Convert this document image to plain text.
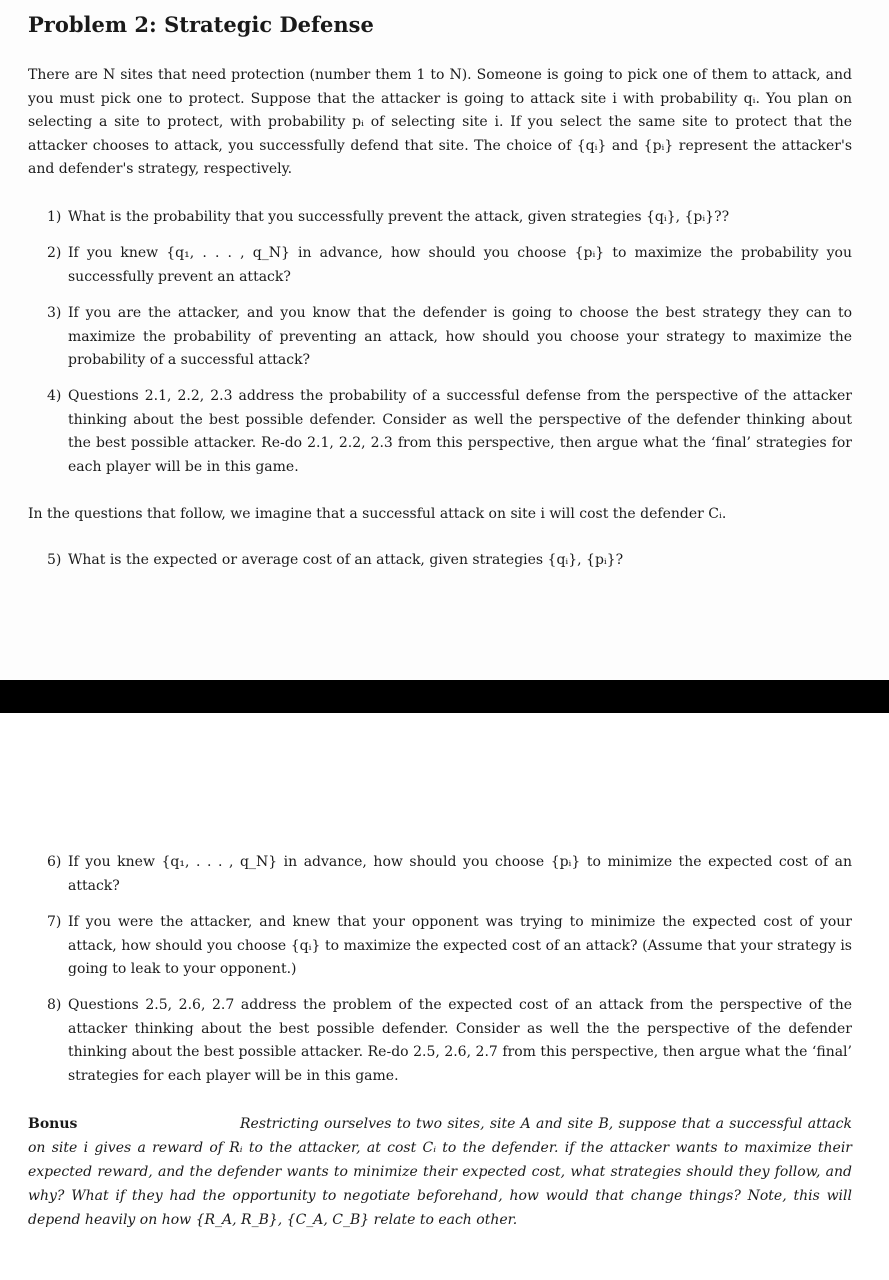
Problem 2: Strategic Defense

There are N sites that need protection (number them 1 to N). Someone is going to pick one of them to attack, and you must pick one to protect. Suppose that the attacker is going to attack site i with probability qᵢ. You plan on selecting a site to protect, with probability pᵢ of selecting site i. If you select the same site to protect that the attacker chooses to attack, you successfully defend that site. The choice of {qᵢ} and {pᵢ} represent the attacker's and defender's strategy, respectively.

1) What is the probability that you successfully prevent the attack, given strategies {qᵢ}, {pᵢ}??
2) If you knew {q₁, . . . , q_N} in advance, how should you choose {pᵢ} to maximize the probability you successfully prevent an attack?
3) If you are the attacker, and you know that the defender is going to choose the best strategy they can to maximize the probability of preventing an attack, how should you choose your strategy to maximize the probability of a successful attack?
4) Questions 2.1, 2.2, 2.3 address the probability of a successful defense from the perspective of the attacker thinking about the best possible defender. Consider as well the perspective of the defender thinking about the best possible attacker. Re-do 2.1, 2.2, 2.3 from this perspective, then argue what the ‘final’ strategies for each player will be in this game.

In the questions that follow, we imagine that a successful attack on site i will cost the defender Cᵢ.

5) What is the expected or average cost of an attack, given strategies {qᵢ}, {pᵢ}?
6) If you knew {q₁, . . . , q_N} in advance, how should you choose {pᵢ} to minimize the expected cost of an attack?
7) If you were the attacker, and knew that your opponent was trying to minimize the expected cost of your attack, how should you choose {qᵢ} to maximize the expected cost of an attack? (Assume that your strategy is going to leak to your opponent.)
8) Questions 2.5, 2.6, 2.7 address the problem of the expected cost of an attack from the perspective of the attacker thinking about the best possible defender. Consider as well the the perspective of the defender thinking about the best possible attacker. Re-do 2.5, 2.6, 2.7 from this perspective, then argue what the ‘final’ strategies for each player will be in this game.
Bonus	Restricting ourselves to two sites, site A and site B, suppose that a successful attack on site i gives a reward of Rᵢ to the attacker, at cost Cᵢ to the defender. if the attacker wants to maximize their expected reward, and the defender wants to minimize their expected cost, what strategies should they follow, and why? What if they had the opportunity to negotiate beforehand, how would that change things? Note, this will depend heavily on how {R_A, R_B}, {C_A, C_B} relate to each other.
